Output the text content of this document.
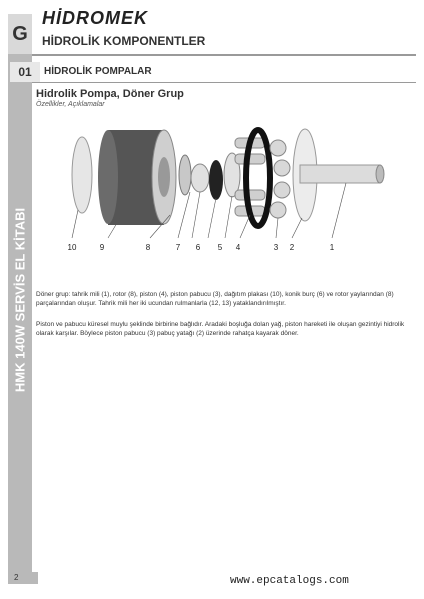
G
HİDROMEK
HİDROLİK KOMPONENTLER
01	HİDROLİK POMPALAR
HMK 140W SERVİS EL KİTABI
Hidrolik Pompa, Döner Grup
Özellikler, Açıklamalar
10	9	8	7 6 5 4	3 2	1

Döner grup: tahrik mili (1), rotor (8), piston (4), piston pabucu (3), dağıtım plakası (10), konik burç (6) ve rotor yaylarından (8) parçalarından oluşur. Tahrik mili her iki ucundan rulmanlarla (12, 13) yataklandırılmıştır.

Piston ve pabucu küresel muylu şeklinde birbirine bağlıdır. Aradaki boşluğa dolan yağ, piston hareketi ile oluşan gezintiyi hidrolik olarak karşılar. Böylece piston pabucu (3) pabuç yatağı (2) üzerinde rahatça kayarak döner.

2	www.epcatalogs.com
